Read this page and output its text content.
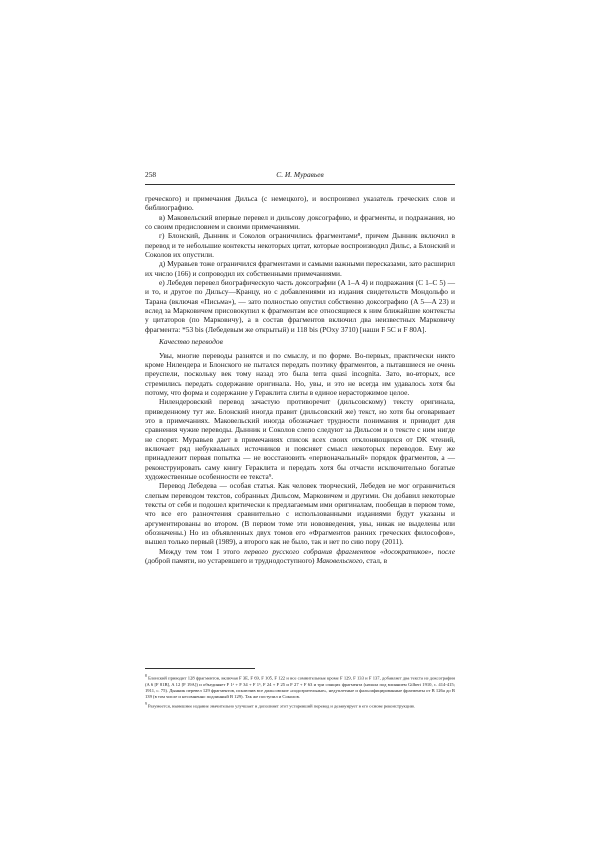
258	С. И. Муравьев

греческого) и примечания Дильса (с немецкого), и воспроизвел указатель греческих слов и библиографию.

в) Маковельский впервые перевел и дильсову доксографию, и фрагменты, и подражания, но со своим предисловием и своими примечаниями.

г) Блонский, Дынник и Соколов ограничились фрагментами⁸, причем Дынник включил в перевод и те небольшие контексты некоторых цитат, которые воспроизводил Дильс, а Блонский и Соколов их опустили.

д) Муравьев тоже ограничился фрагментами и самыми важными пересказами, зато расширил их число (166) и сопроводил их собственными примечаниями.

е) Лебедев перевел биографическую часть доксографии (A 1–A 4) и подражания (C 1–C 5) — и то, и другое по Дильсу—Кранцу, но с добавлениями из издания свидетельств Мондольфо и Тарана (включая «Письма»), — зато полностью опустил собственно доксографию (A 5—A 23) и вслед за Марковичем присовокупил к фрагментам все относящиеся к ним ближайшие контексты у цитаторов (по Марковичу), а в состав фрагментов включил два неизвестных Марковичу фрагмента: *53 bis (Лебедевым же открытый) и 118 bis (POxy 3710) [наши F 5C и F 80A].

Качество переводов

Увы, многие переводы разнятся и по смыслу, и по форме. Во-первых, практически никто кроме Нилендера и Блонского не пытался передать поэтику фрагментов, а пытавшиеся не очень преуспели, поскольку век тому назад это была terra quasi incognita. Зато, во-вторых, все стремились передать содержание оригинала. Но, увы, и это не всегда им удавалось хотя бы потому, что форма и содержание у Гераклита слиты в единое нерасторжимое целое.

Нилендеровский перевод зачастую противоречит (дильсовскому) тексту оригинала, приведенному тут же. Блонский иногда правит (дильсовский же) текст, но хотя бы оговаривает это в примечаниях. Маковельский иногда обозначает трудности понимания и приводит для сравнения чужие переводы. Дынник и Соколов слепо следуют за Дильсом и о тексте с ним нигде не спорят. Муравьев дает в примечаниях список всех своих отклоняющихся от DK чтений, включает ряд небуквальных источников и поясняет смысл некоторых переводов. Ему же принадлежит первая попытка — не восстановить «первоначальный» порядок фрагментов, а — реконструировать саму книгу Гераклита и передать хотя бы отчасти исключительно богатые художественные особенности ее текста⁹.

Перевод Лебедева — особая статья. Как человек творческий, Лебедев не мог ограничиться слепым переводом текстов, собранных Дильсом, Марковичем и другими. Он добавил некоторые тексты от себя и подошел критически к предлагаемым ими оригиналам, пообещав в первом томе, что все его разночтения сравнительно с использованными изданиями будут указаны и аргументированы во втором. (В первом томе эти нововведения, увы, никак не выделены или обозначены.) Но из объявленных двух томов его «Фрагментов ранних греческих философов», вышел только первый (1989), а второго как не было, так и нет по сию пору (2011).

Между тем том I этого первого русского собрания фрагментов «досократиков», после (доброй памяти, но устаревшего и труднодоступного) Маковельского, стал, в

$^8$ Блонский приводит 128 фрагментов, включая F 3E, F 69, F 105, F 122 и все сомнительные кроме F 129, F 133 и F 137, добавляет два текста из доксографии (A 6 [F 81B], A 12 [F 19A]) и объединяет F 1ᵃ + F 34 + F 1ᵇ, F 24 + F 25 и F 27 + F 63 и три спящих фрагмента (начала под влиянием Gilbert 1910, с. 414-415; 1911, с. 75). Дынник перевел 129 фрагментов, исключив все дильсовские «подозрительные», недуплетные и фальсифицированные фрагменты от B 126a до B 139 (в том числе и несомненно подлинный B 129). Так же поступил и Соколов.

$^9$ Разумеется, нынешнее издание значительно улучшает и дополняет этот устаревший перевод и дезавуирует в его основе реконструкцию.
